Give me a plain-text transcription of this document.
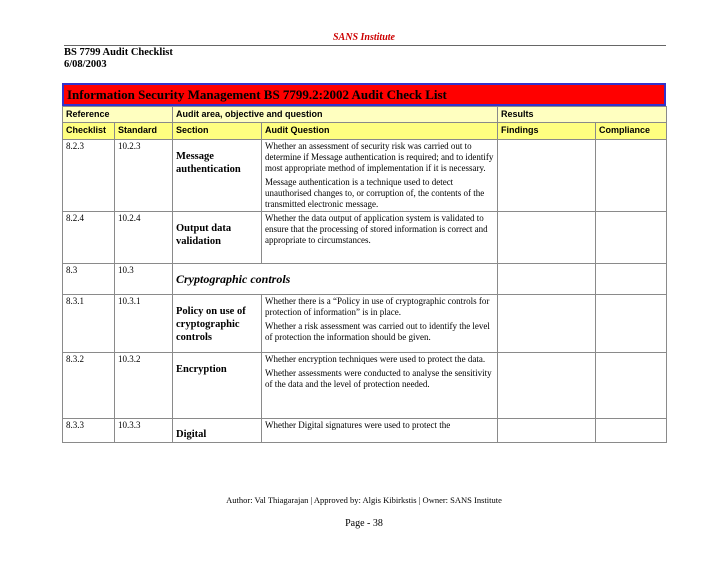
SANS Institute
BS 7799 Audit Checklist
6/08/2003
Information Security Management BS 7799.2:2002 Audit Check List
Reference		Audit area, objective and question		Results	
Checklist	Standard	Section	Audit Question	Findings	Compliance
8.2.3	10.2.3	Message authentication	Whether an assessment of security risk was carried out to determine if Message authentication is required; and to identify most appropriate method of implementation if it is necessary.

Message authentication is a technique used to detect unauthorised changes to, or corruption of, the contents of the transmitted electronic message.		

8.2.4	10.2.4	Output data validation	Whether the data output of application system is validated to ensure that the processing of stored information is correct and appropriate to circumstances.		

8.3	10.3	Cryptographic controls			

8.3.1	10.3.1	Policy on use of cryptographic controls	Whether there is a “Policy in use of cryptographic controls for protection of information” is in place.

Whether a risk assessment was carried out to identify the level of protection the information should be given.		

8.3.2	10.3.2	Encryption	Whether encryption techniques were used to protect the data.

Whether assessments were conducted to analyse the sensitivity of the data and the level of protection needed.		

8.3.3	10.3.3	Digital	Whether Digital signatures were used to protect the		

Author: Val Thiagarajan | Approved by: Algis Kibirkstis | Owner: SANS Institute
Page - 38
